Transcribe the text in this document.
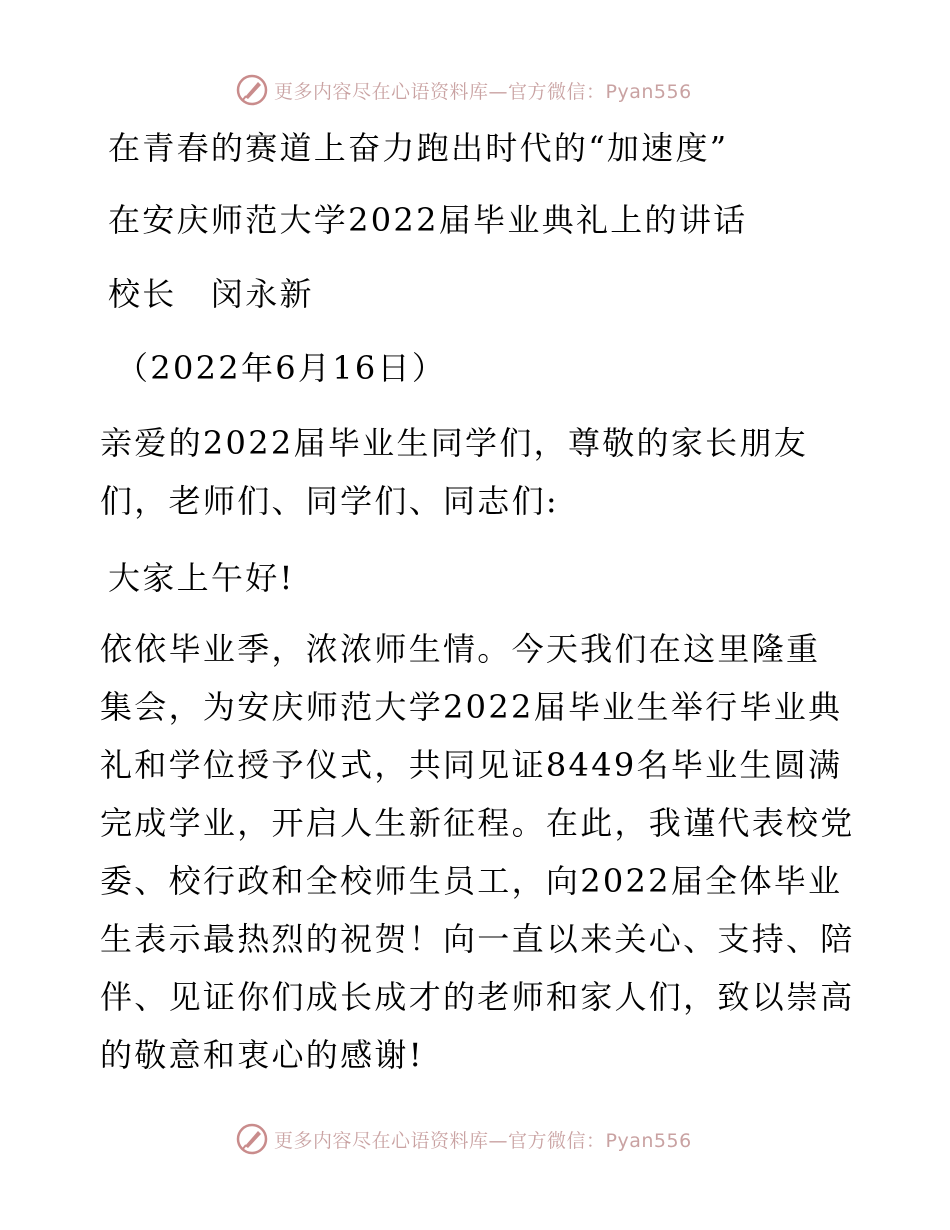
更多内容尽在心语资料库—官方微信：Pyan556
在青春的赛道上奋力跑出时代的“加速度”
在安庆师范大学2022届毕业典礼上的讲话
校长　闵永新
（2022年6月16日）
亲爱的2022届毕业生同学们，尊敬的家长朋友
们，老师们、同学们、同志们:
大家上午好!
依依毕业季，浓浓师生情。今天我们在这里隆重
集会，为安庆师范大学2022届毕业生举行毕业典
礼和学位授予仪式，共同见证8449名毕业生圆满
完成学业，开启人生新征程。在此，我谨代表校党
委、校行政和全校师生员工，向2022届全体毕业
生表示最热烈的祝贺！向一直以来关心、支持、陪
伴、见证你们成长成才的老师和家人们，致以崇高
的敬意和衷心的感谢!
更多内容尽在心语资料库—官方微信：Pyan556
